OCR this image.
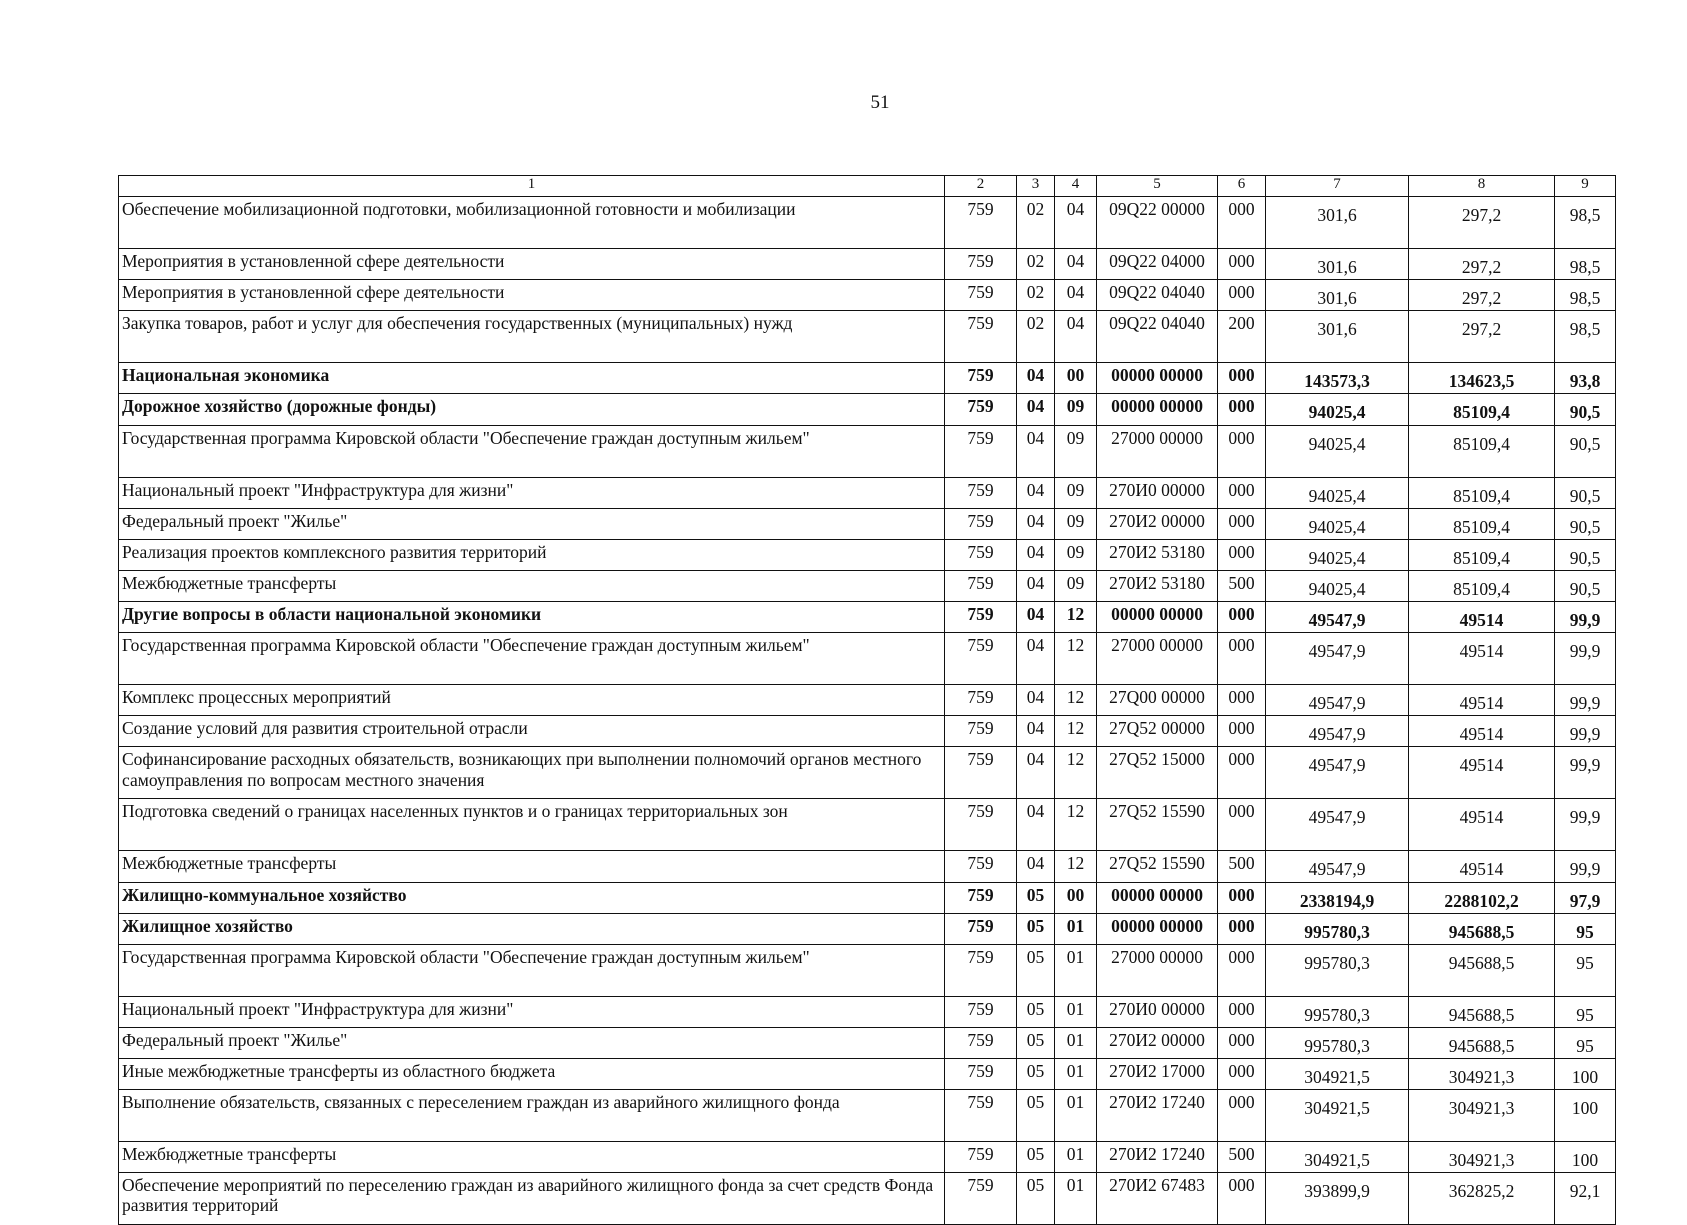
51
1	2	3	4	5	6	7	8	9
Обеспечение мобилизационной подготовки, мобилизационной готовности и мобилизации	759	02	04	09Q22 00000	000	301,6	297,2	98,5
Мероприятия в установленной сфере деятельности	759	02	04	09Q22 04000	000	301,6	297,2	98,5
Мероприятия в установленной сфере деятельности	759	02	04	09Q22 04040	000	301,6	297,2	98,5
Закупка товаров, работ и услуг для обеспечения государственных (муниципальных) нужд	759	02	04	09Q22 04040	200	301,6	297,2	98,5
Национальная экономика	759	04	00	00000 00000	000	143573,3	134623,5	93,8
Дорожное хозяйство (дорожные фонды)	759	04	09	00000 00000	000	94025,4	85109,4	90,5
Государственная программа Кировской области "Обеспечение граждан доступным жильем"	759	04	09	27000 00000	000	94025,4	85109,4	90,5
Национальный проект "Инфраструктура для жизни"	759	04	09	270И0 00000	000	94025,4	85109,4	90,5
Федеральный проект "Жилье"	759	04	09	270И2 00000	000	94025,4	85109,4	90,5
Реализация проектов комплексного развития территорий	759	04	09	270И2 53180	000	94025,4	85109,4	90,5
Межбюджетные трансферты	759	04	09	270И2 53180	500	94025,4	85109,4	90,5
Другие вопросы в области национальной экономики	759	04	12	00000 00000	000	49547,9	49514	99,9
Государственная программа Кировской области "Обеспечение граждан доступным жильем"	759	04	12	27000 00000	000	49547,9	49514	99,9
Комплекс процессных мероприятий	759	04	12	27Q00 00000	000	49547,9	49514	99,9
Создание условий для развития строительной отрасли	759	04	12	27Q52 00000	000	49547,9	49514	99,9
Софинансирование расходных обязательств, возникающих при выполнении полномочий органов местного самоуправления по вопросам местного значения	759	04	12	27Q52 15000	000	49547,9	49514	99,9
Подготовка сведений о границах населенных пунктов и о границах территориальных зон	759	04	12	27Q52 15590	000	49547,9	49514	99,9
Межбюджетные трансферты	759	04	12	27Q52 15590	500	49547,9	49514	99,9
Жилищно-коммунальное хозяйство	759	05	00	00000 00000	000	2338194,9	2288102,2	97,9
Жилищное хозяйство	759	05	01	00000 00000	000	995780,3	945688,5	95
Государственная программа Кировской области "Обеспечение граждан доступным жильем"	759	05	01	27000 00000	000	995780,3	945688,5	95
Национальный проект "Инфраструктура для жизни"	759	05	01	270И0 00000	000	995780,3	945688,5	95
Федеральный проект "Жилье"	759	05	01	270И2 00000	000	995780,3	945688,5	95
Иные межбюджетные трансферты из областного бюджета	759	05	01	270И2 17000	000	304921,5	304921,3	100
Выполнение обязательств, связанных с переселением граждан из аварийного жилищного фонда	759	05	01	270И2 17240	000	304921,5	304921,3	100
Межбюджетные трансферты	759	05	01	270И2 17240	500	304921,5	304921,3	100
Обеспечение мероприятий по переселению граждан из аварийного жилищного фонда за счет средств Фонда развития территорий	759	05	01	270И2 67483	000	393899,9	362825,2	92,1
